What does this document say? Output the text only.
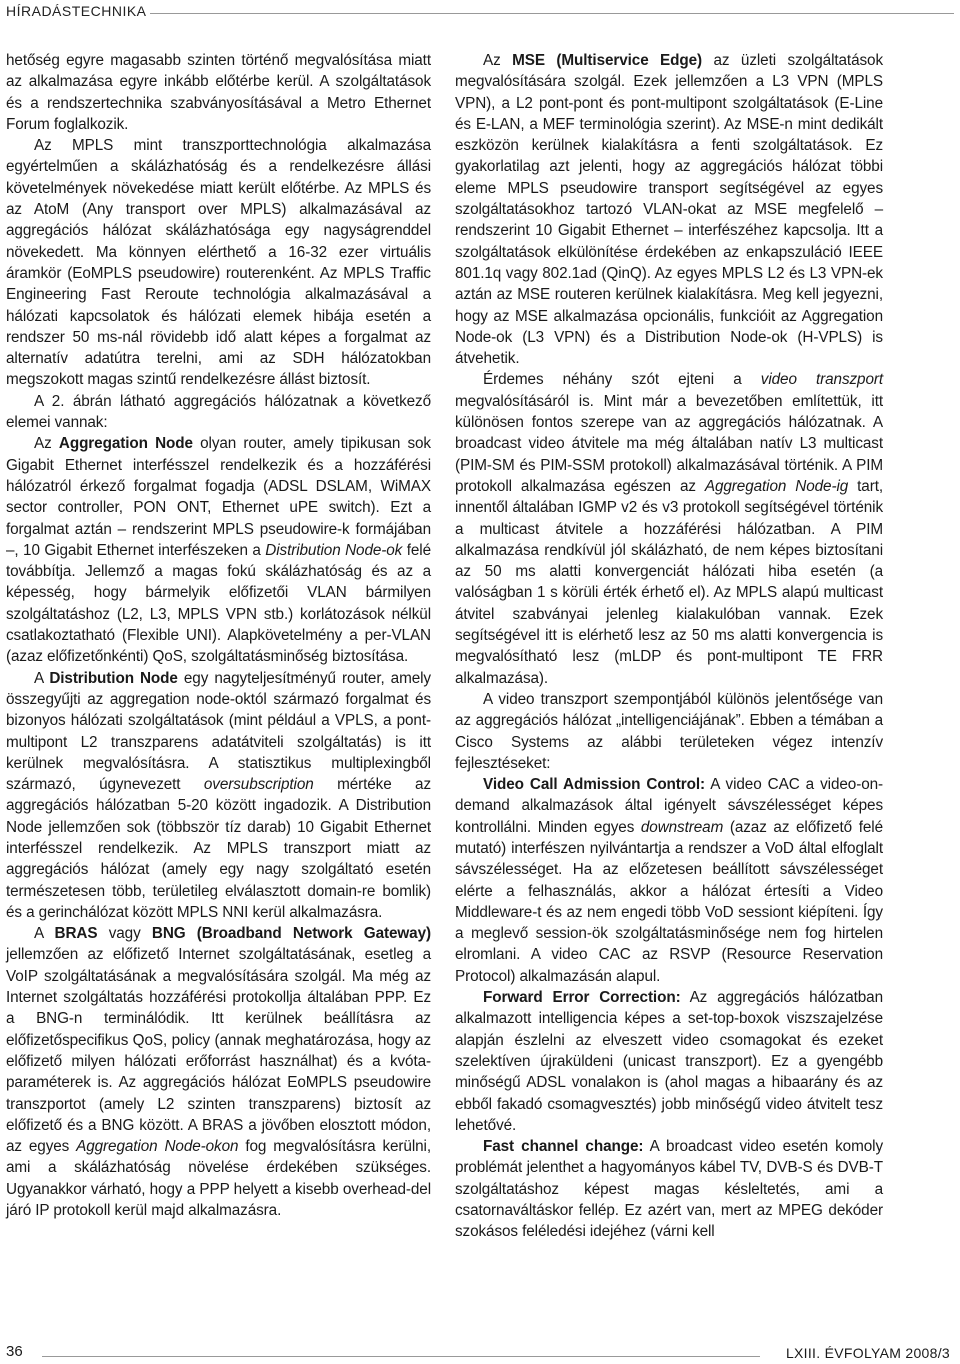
HÍRADÁSTECHNIKA

hetőség egyre magasabb szinten történő megvalósítása miatt az alkalmazása egyre inkább előtérbe kerül. A szolgáltatások és a rendszertechnika szabványosításával a Metro Ethernet Forum foglalkozik.

Az MPLS mint transzporttechnológia alkalmazása egyértelműen a skálázhatóság és a rendelkezésre állási követelmények növekedése miatt került előtérbe. Az MPLS és az AtoM (Any transport over MPLS) alkalmazásával az aggregációs hálózat skálázhatósága egy nagyságrenddel növekedett. Ma könnyen elérthető a 16-32 ezer virtuális áramkör (EoMPLS pseudowire) routerenként. Az MPLS Traffic Engineering Fast Reroute technológia alkalmazásával a hálózati kapcsolatok és hálózati elemek hibája esetén a rendszer 50 ms-nál rövidebb idő alatt képes a forgalmat az alternatív adatútra terelni, ami az SDH hálózatokban megszokott magas szintű rendelkezésre állást biztosít.

A 2. ábrán látható aggregációs hálózatnak a következő elemei vannak:

Az Aggregation Node olyan router, amely tipikusan sok Gigabit Ethernet interfésszel rendelkezik és a hozzáférési hálózatról érkező forgalmat fogadja (ADSL DSLAM, WiMAX sector controller, PON ONT, Ethernet uPE switch). Ezt a forgalmat aztán – rendszerint MPLS pseudowire-k formájában –, 10 Gigabit Ethernet interfészeken a Distribution Node-ok felé továbbítja. Jellemző a magas fokú skálázhatóság és az a képesség, hogy bármelyik előfizetői VLAN bármilyen szolgáltatáshoz (L2, L3, MPLS VPN stb.) korlátozások nélkül csatlakoztatható (Flexible UNI). Alapkövetelmény a per-VLAN (azaz előfizetőnkénti) QoS, szolgáltatásminőség biztosítása.

A Distribution Node egy nagyteljesítményű router, amely összegyűjti az aggregation node-októl származó forgalmat és bizonyos hálózati szolgáltatások (mint például a VPLS, a pont-multipont L2 transzparens adatátviteli szolgáltatás) is itt kerülnek megvalósításra. A statisztikus multiplexingből származó, úgynevezett oversubscription mértéke az aggregációs hálózatban 5-20 között ingadozik. A Distribution Node jellemzően sok (többször tíz darab) 10 Gigabit Ethernet interfésszel rendelkezik. Az MPLS transzport miatt az aggregációs hálózat (amely egy nagy szolgáltató esetén természetesen több, területileg elválasztott domain-re bomlik) és a gerinchálózat között MPLS NNI kerül alkalmazásra.

A BRAS vagy BNG (Broadband Network Gateway) jellemzően az előfizető Internet szolgáltatásának, esetleg a VoIP szolgáltatásának a megvalósítására szolgál. Ma még az Internet szolgáltatás hozzáférési protokollja általában PPP. Ez a BNG-n terminálódik. Itt kerülnek beállításra az előfizetőspecifikus QoS, policy (annak meghatározása, hogy az előfizető milyen hálózati erőforrást használhat) és a kvóta-paraméterek is. Az aggregációs hálózat EoMPLS pseudowire transzportot (amely L2 szinten transzparens) biztosít az előfizető és a BNG között. A BRAS a jövőben elosztott módon, az egyes Aggregation Node-okon fog megvalósításra kerülni, ami a skálázhatóság növelése érdekében szükséges. Ugyanakkor várható, hogy a PPP helyett a kisebb overhead-del járó IP protokoll kerül majd alkalmazásra.

Az MSE (Multiservice Edge) az üzleti szolgáltatások megvalósítására szolgál. Ezek jellemzően a L3 VPN (MPLS VPN), a L2 pont-pont és pont-multipont szolgáltatások (E-Line és E-LAN, a MEF terminológia szerint). Az MSE-n mint dedikált eszközön kerülnek kialakításra a fenti szolgáltatások. Ez gyakorlatilag azt jelenti, hogy az aggregációs hálózat többi eleme MPLS pseudowire transport segítségével az egyes szolgáltatásokhoz tartozó VLAN-okat az MSE megfelelő – rendszerint 10 Gigabit Ethernet – interfészéhez kapcsolja. Itt a szolgáltatások elkülönítése érdekében az enkapszuláció IEEE 801.1q vagy 802.1ad (QinQ). Az egyes MPLS L2 és L3 VPN-ek aztán az MSE routeren kerülnek kialakításra. Meg kell jegyezni, hogy az MSE alkalmazása opcionális, funkcióit az Aggregation Node-ok (L3 VPN) és a Distribution Node-ok (H-VPLS) is átvehetik.

Érdemes néhány szót ejteni a video transzport megvalósításáról is. Mint már a bevezetőben említettük, itt különösen fontos szerepe van az aggregációs hálózatnak. A broadcast video átvitele ma még általában natív L3 multicast (PIM-SM és PIM-SSM protokoll) alkalmazásával történik. A PIM protokoll alkalmazása egészen az Aggregation Node-ig tart, innentől általában IGMP v2 és v3 protokoll segítségével történik a multicast átvitele a hozzáférési hálózatban. A PIM alkalmazása rendkívül jól skálázható, de nem képes biztosítani az 50 ms alatti konvergenciát hálózati hiba esetén (a valóságban 1 s körüli érték érhető el). Az MPLS alapú multicast átvitel szabványai jelenleg kialakulóban vannak. Ezek segítségével itt is elérhető lesz az 50 ms alatti konvergencia is megvalósítható lesz (mLDP és pont-multipont TE FRR alkalmazása).

A video transzport szempontjából különös jelentősége van az aggregációs hálózat „intelligenciájának”. Ebben a témában a Cisco Systems az alábbi területeken végez intenzív fejlesztéseket:

Video Call Admission Control: A video CAC a video-on-demand alkalmazások által igényelt sávszélességet képes kontrollálni. Minden egyes downstream (azaz az előfizető felé mutató) interfészen nyilvántartja a rendszer a VoD által elfoglalt sávszélességet. Ha az előzetesen beállított sávszélességet elérte a felhasználás, akkor a hálózat értesíti a Video Middleware-t és az nem engedi több VoD sessiont kiépíteni. Így a meglevő session-ök szolgáltatásminősége nem fog hirtelen elromlani. A video CAC az RSVP (Resource Reservation Protocol) alkalmazásán alapul.

Forward Error Correction: Az aggregációs hálózatban alkalmazott intelligencia képes a set-top-boxok viszszajelzése alapján észlelni az elveszett video csomagokat és ezeket szelektíven újraküldeni (unicast transzport). Ez a gyengébb minőségű ADSL vonalakon is (ahol magas a hibaarány és az ebből fakadó csomagvesztés) jobb minőségű video átvitelt tesz lehetővé.

Fast channel change: A broadcast video esetén komoly problémát jelenthet a hagyományos kábel TV, DVB-S és DVB-T szolgáltatáshoz képest magas késleltetés, ami a csatornaváltáskor fellép. Ez azért van, mert az MPEG dekóder szokásos feléledési idejéhez (várni kell

36	LXIII. ÉVFOLYAM 2008/3
